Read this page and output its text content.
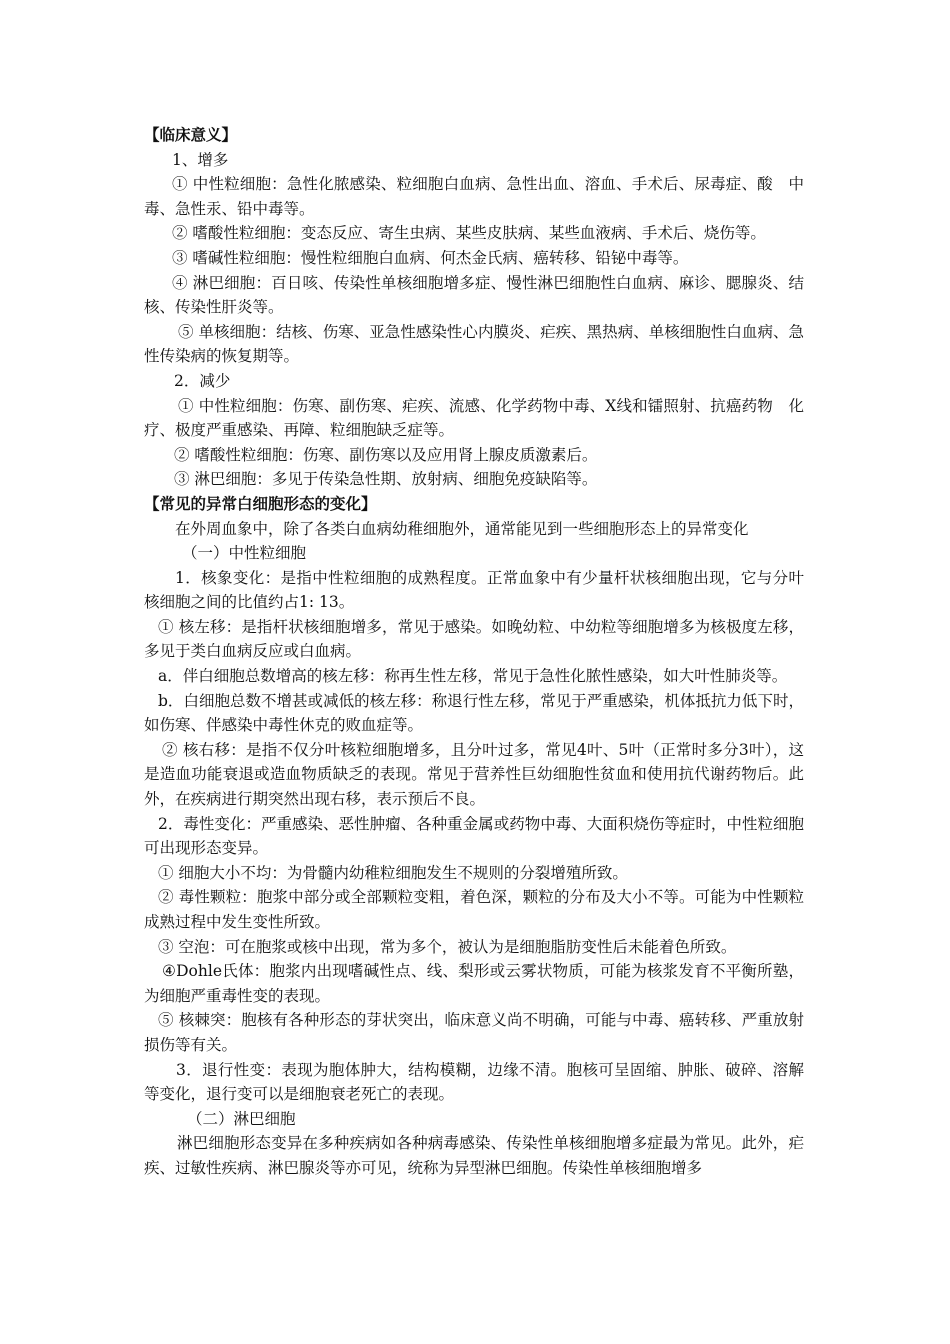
【临床意义】

1、增多

① 中性粒细胞：急性化脓感染、粒细胞白血病、急性出血、溶血、手术后、尿毒症、酸　中毒、急性汞、铅中毒等。

② 嗜酸性粒细胞：变态反应、寄生虫病、某些皮肤病、某些血液病、手术后、烧伤等。

③ 嗜碱性粒细胞：慢性粒细胞白血病、何杰金氏病、癌转移、铅铋中毒等。

④ 淋巴细胞：百日咳、传染性单核细胞增多症、慢性淋巴细胞性白血病、麻诊、腮腺炎、结核、传染性肝炎等。

⑤ 单核细胞：结核、伤寒、亚急性感染性心内膜炎、疟疾、黑热病、单核细胞性白血病、急性传染病的恢复期等。

2．减少

① 中性粒细胞：伤寒、副伤寒、疟疾、流感、化学药物中毒、X线和镭照射、抗癌药物　化疗、极度严重感染、再障、粒细胞缺乏症等。

② 嗜酸性粒细胞：伤寒、副伤寒以及应用肾上腺皮质激素后。

③ 淋巴细胞：多见于传染急性期、放射病、细胞免疫缺陷等。

【常见的异常白细胞形态的变化】

在外周血象中，除了各类白血病幼稚细胞外，通常能见到一些细胞形态上的异常变化

（一）中性粒细胞

1．核象变化：是指中性粒细胞的成熟程度。正常血象中有少量杆状核细胞出现，它与分叶核细胞之间的比值约占1: 13。

① 核左移：是指杆状核细胞增多，常见于感染。如晚幼粒、中幼粒等细胞增多为核极度左移，多见于类白血病反应或白血病。

a．伴白细胞总数增高的核左移：称再生性左移，常见于急性化脓性感染，如大叶性肺炎等。

b．白细胞总数不增甚或减低的核左移：称退行性左移，常见于严重感染，机体抵抗力低下时，如伤寒、伴感染中毒性休克的败血症等。

② 核右移：是指不仅分叶核粒细胞增多，且分叶过多，常见4叶、5叶（正常时多分3叶），这是造血功能衰退或造血物质缺乏的表现。常见于营养性巨幼细胞性贫血和使用抗代谢药物后。此外，在疾病进行期突然出现右移，表示预后不良。

2．毒性变化：严重感染、恶性肿瘤、各种重金属或药物中毒、大面积烧伤等症时，中性粒细胞可出现形态变异。

① 细胞大小不均：为骨髓内幼稚粒细胞发生不规则的分裂增殖所致。

② 毒性颗粒：胞浆中部分或全部颗粒变粗，着色深，颗粒的分布及大小不等。可能为中性颗粒成熟过程中发生变性所致。

③ 空泡：可在胞浆或核中出现，常为多个，被认为是细胞脂肪变性后未能着色所致。

④Dohle氏体：胞浆内出现嗜碱性点、线、梨形或云雾状物质，可能为核浆发育不平衡所塾，为细胞严重毒性变的表现。

⑤ 核棘突：胞核有各种形态的芽状突出，临床意义尚不明确，可能与中毒、癌转移、严重放射损伤等有关。

3．退行性变：表现为胞体肿大，结构模糊，边缘不清。胞核可呈固缩、肿胀、破碎、溶解等变化，退行变可以是细胞衰老死亡的表现。

（二）淋巴细胞

淋巴细胞形态变异在多种疾病如各种病毒感染、传染性单核细胞增多症最为常见。此外，疟疾、过敏性疾病、淋巴腺炎等亦可见，统称为异型淋巴细胞。传染性单核细胞增多
